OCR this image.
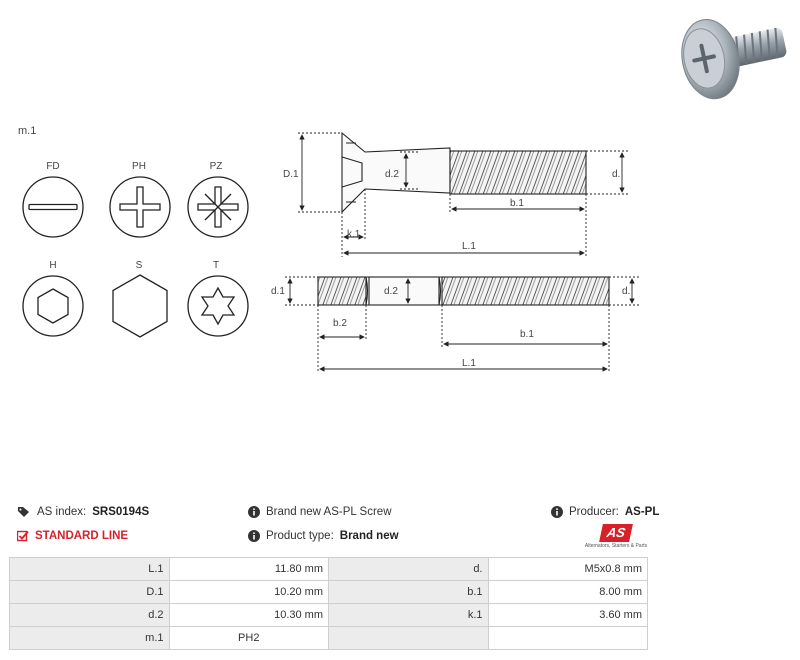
m.1
FD	PH	PZ
H	S	T
D.1	d.2	d.
b.1
k.1
L.1
d.1	d.2	d.
b.2
b.1
L.1
AS index: SRS0194S
STANDARD LINE
Brand new AS-PL Screw
Product type: Brand new
Producer: AS-PL
AS
Alternators, Starters & Parts
L.1	11.80 mm	d.	M5x0.8 mm
D.1	10.20 mm	b.1	8.00 mm
d.2	10.30 mm	k.1	3.60 mm
m.1	PH2		
